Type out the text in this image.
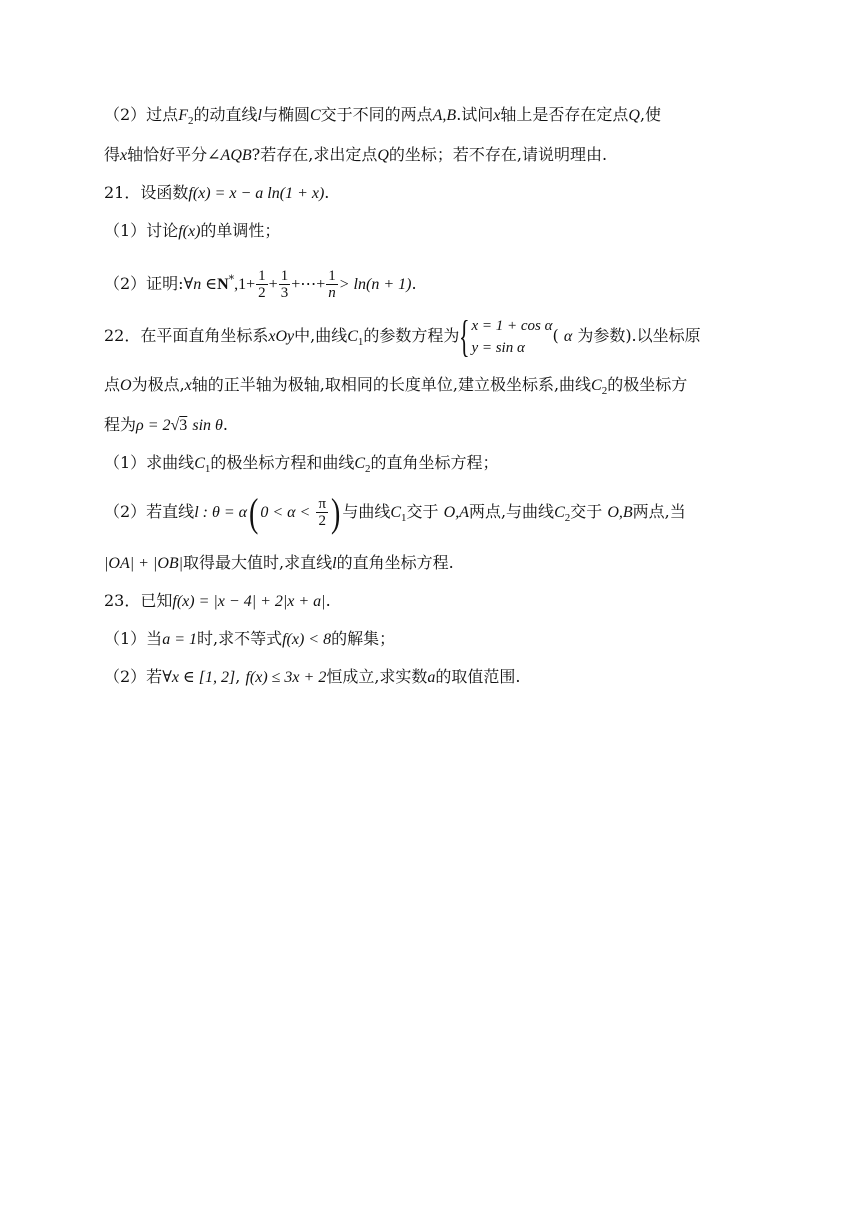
（2）过点$F_2$的动直线l与椭圆C交于不同的两点A,B.试问x轴上是否存在定点Q,使
得x轴恰好平分∠AQB?若存在,求出定点Q的坐标；若不存在,请说明理由.
21．设函数f(x) = x − a ln(1 + x).
（1）讨论f(x)的单调性；
（2）证明:∀n ∈N*,1+ $\frac{1}{2} + \frac{1}{3}$ +⋯+ $\frac{1}{n} > \ln(n + 1)$.
22．在平面直角坐标系xOy中,曲线$C_1$的参数方程为 { x = 1 + cos α
y = sin α
( α 为参数).以坐标原
点O为极点,x轴的正半轴为极轴,取相同的长度单位,建立极坐标系,曲线$C_2$的极坐标方
程为ρ = 2√3 sin θ.
（1）求曲线$C_1$的极坐标方程和曲线$C_2$的直角坐标方程；
（2）若直线l : θ = α( $0 < \alpha < \frac{\pi}{2}$ ) 与曲线$C_1$交于 O,A两点,与曲线$C_2$交于 O,B两点,当
|OA| + |OB|取得最大值时,求直线l的直角坐标方程.
23．已知f(x) = |x − 4| + 2|x + a|.
（1）当a = 1时,求不等式f(x) < 8的解集；
（2）若∀x ∈ [1, 2], f(x) ≤ 3x + 2恒成立,求实数a的取值范围.
